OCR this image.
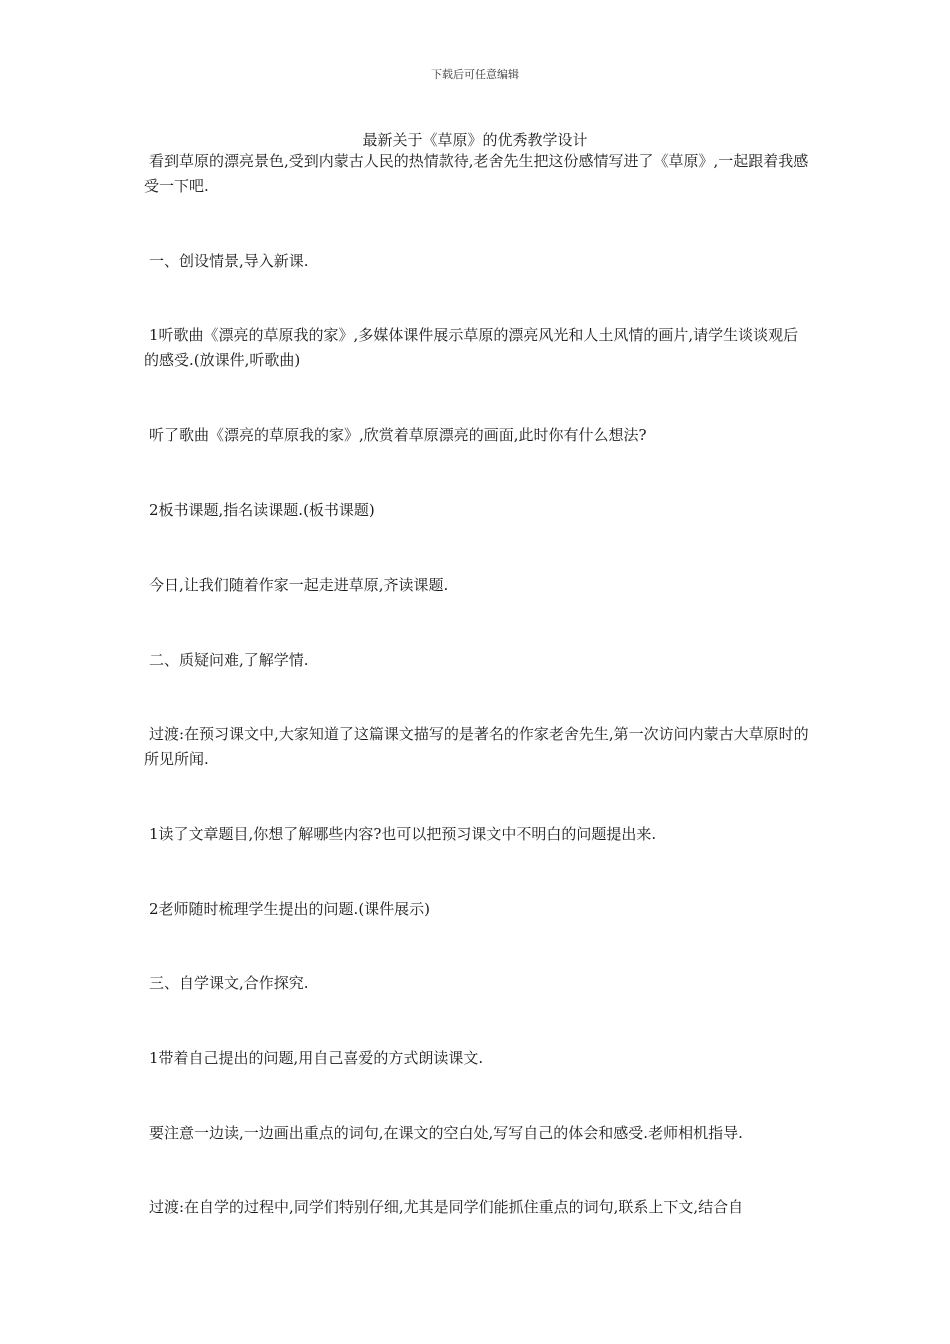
下载后可任意编辑
最新关于《草原》的优秀教学设计

看到草原的漂亮景色,受到内蒙古人民的热情款待,老舍先生把这份感情写进了《草原》,一起跟着我感受一下吧.

一、创设情景,导入新课.

1听歌曲《漂亮的草原我的家》,多媒体课件展示草原的漂亮风光和人土风情的画片,请学生谈谈观后的感受.(放课件,听歌曲)

听了歌曲《漂亮的草原我的家》,欣赏着草原漂亮的画面,此时你有什么想法?

2板书课题,指名读课题.(板书课题)

今日,让我们随着作家一起走进草原,齐读课题.

二、质疑问难,了解学情.

过渡:在预习课文中,大家知道了这篇课文描写的是著名的作家老舍先生,第一次访问内蒙古大草原时的所见所闻.

1读了文章题目,你想了解哪些内容?也可以把预习课文中不明白的问题提出来.

2老师随时梳理学生提出的问题.(课件展示)

三、自学课文,合作探究.

1带着自己提出的问题,用自己喜爱的方式朗读课文.

要注意一边读,一边画出重点的词句,在课文的空白处,写写自己的体会和感受.老师相机指导.

过渡:在自学的过程中,同学们特别仔细,尤其是同学们能抓住重点的词句,联系上下文,结合自
